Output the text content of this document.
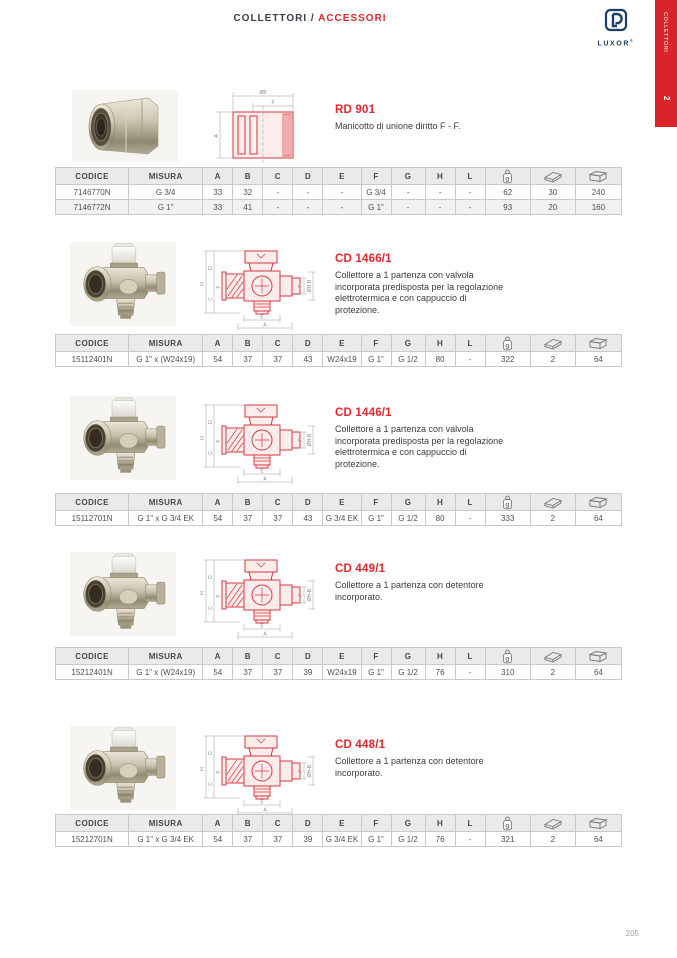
COLLETTORI / ACCESSORI
LUXOR®	COLLETTORI
2
ØB
F
A
RD 901
Manicotto di unione diritto F - F.
CODICE	MISURA	A	B	C	D	E	F	G	H	L	g

7146770N	G 3/4	33	32	-	-	-	G 3/4	-	-	-	62	30	240
7146772N	G 1"	33	41	-	-	-	G 1"	-	-	-	93	20	160
H
D
C
F	F ØH-B
E
A
CD 1466/1
Collettore a 1 partenza con valvola incorporata predisposta per la regolazione elettrotermica e con cappuccio di protezione.
CODICE	MISURA	A	B	C	D	E	F	G	H	L	g

15112401N	G 1" x (W24x19)	54	37	37	43	W24x19	G 1"	G 1/2	80	-	322	2	64
H
D
C
F	F ØH-B
E
A
CD 1446/1
Collettore a 1 partenza con valvola incorporata predisposta per la regolazione elettrotermica e con cappuccio di protezione.
CODICE	MISURA	A	B	C	D	E	F	G	H	L	g

15112701N	G 1" x G 3/4 EK	54	37	37	43	G 3/4 EK	G 1"	G 1/2	80	-	333	2	64
H
D
C
F	F ØH-B
E
A
CD 449/1
Collettore a 1 partenza con detentore incorporato.
CODICE	MISURA	A	B	C	D	E	F	G	H	L	g

15212401N	G 1" x (W24x19)	54	37	37	39	W24x19	G 1"	G 1/2	76	-	310	2	64
H
D
C
F	F ØH-B
E
A
CD 448/1
Collettore a 1 partenza con detentore incorporato.
CODICE	MISURA	A	B	C	D	E	F	G	H	L	g

15212701N	G 1" x G 3/4 EK	54	37	37	39	G 3/4 EK	G 1"	G 1/2	76	-	321	2	64
205
